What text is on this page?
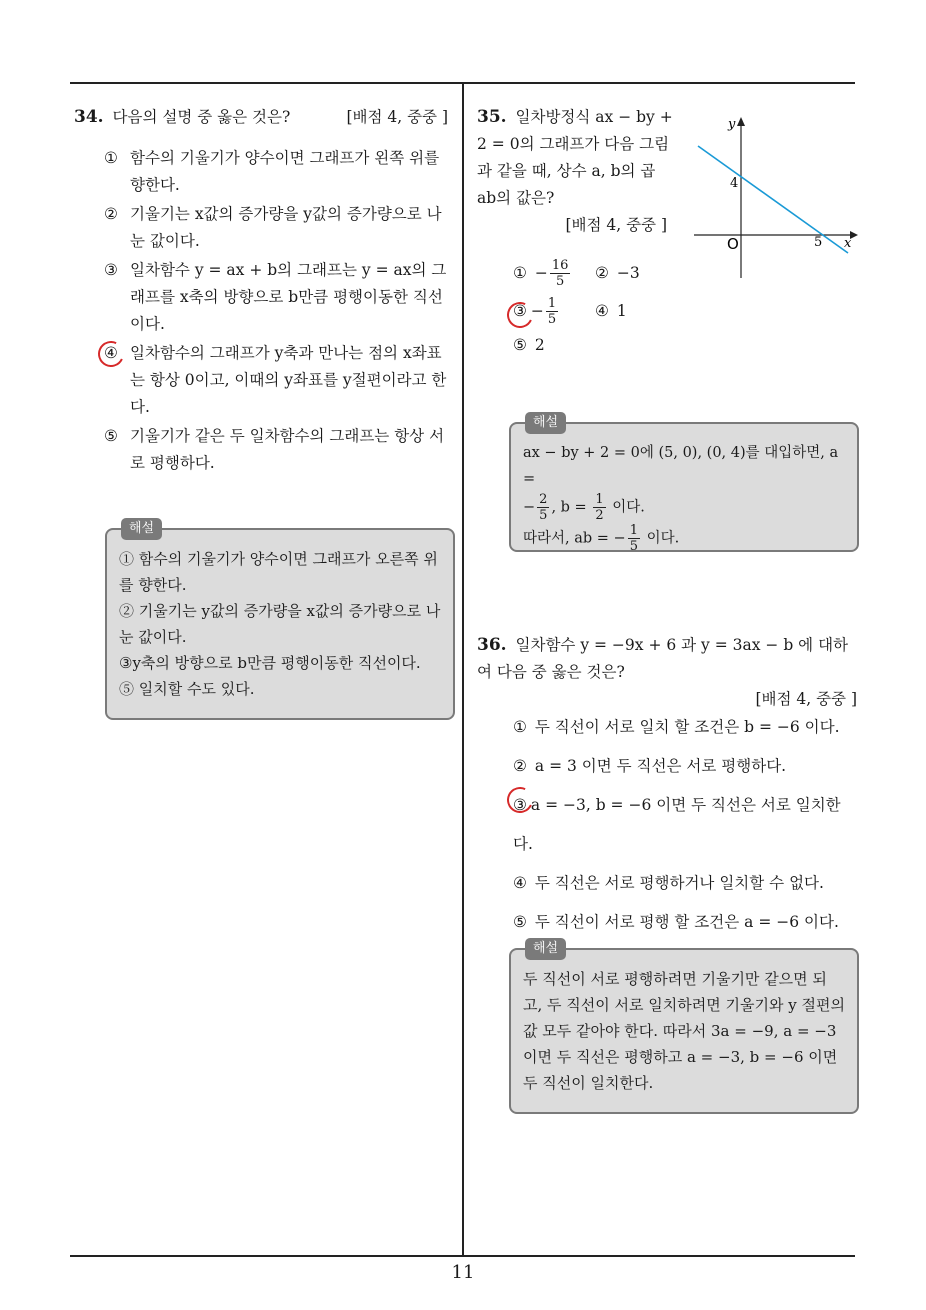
34. 다음의 설명 중 옳은 것은?	[배점 4, 중중 ]
① 함수의 기울기가 양수이면 그래프가 왼쪽 위를 향한다.
② 기울기는 x값의 증가량을 y값의 증가량으로 나눈 값이다.
③ 일차함수 y = ax + b의 그래프는 y = ax의 그래프를 x축의 방향으로 b만큼 평행이동한 직선이다.
④ 일차함수의 그래프가 y축과 만나는 점의 x좌표는 항상 0이고, 이때의 y좌표를 y절편이라고 한다.
⑤ 기울기가 같은 두 일차함수의 그래프는 항상 서로 평행하다.
해설
① 함수의 기울기가 양수이면 그래프가 오른쪽 위를 향한다.
② 기울기는 y값의 증가량을 x값의 증가량으로 나눈 값이다.
③y축의 방향으로 b만큼 평행이동한 직선이다.
⑤ 일치할 수도 있다.
35. 일차방정식 ax − by + 2 = 0의 그래프가 다음 그림과 같을 때, 상수 a, b의 곱 ab의 값은?
[배점 4, 중중 ]
y
x
O
4
5
① − $\frac{16}{5}$ ② −3
③ − $\frac{1}{5}$ ④ 1
⑤ 2
해설
ax − by + 2 = 0에 (5, 0), (0, 4)를 대입하면, a =
− $\frac{2}{5}$ , $b = \frac{1}{2}$ 이다.
따라서, ab = − $\frac{1}{5}$ 이다.
36. 일차함수 y = −9x + 6 과 y = 3ax − b 에 대하여 다음 중 옳은 것은?
[배점 4, 중중 ]
① 두 직선이 서로 일치 할 조건은 b = −6 이다.
② a = 3 이면 두 직선은 서로 평행하다.
③ a = −3, b = −6 이면 두 직선은 서로 일치한다.
④ 두 직선은 서로 평행하거나 일치할 수 없다.
⑤ 두 직선이 서로 평행 할 조건은 a = −6 이다.
해설
두 직선이 서로 평행하려면 기울기만 같으면 되고, 두 직선이 서로 일치하려면 기울기와 y 절편의 값 모두 같아야 한다. 따라서 3a = −9, a = −3 이면 두 직선은 평행하고 a = −3, b = −6 이면 두 직선이 일치한다.
11
